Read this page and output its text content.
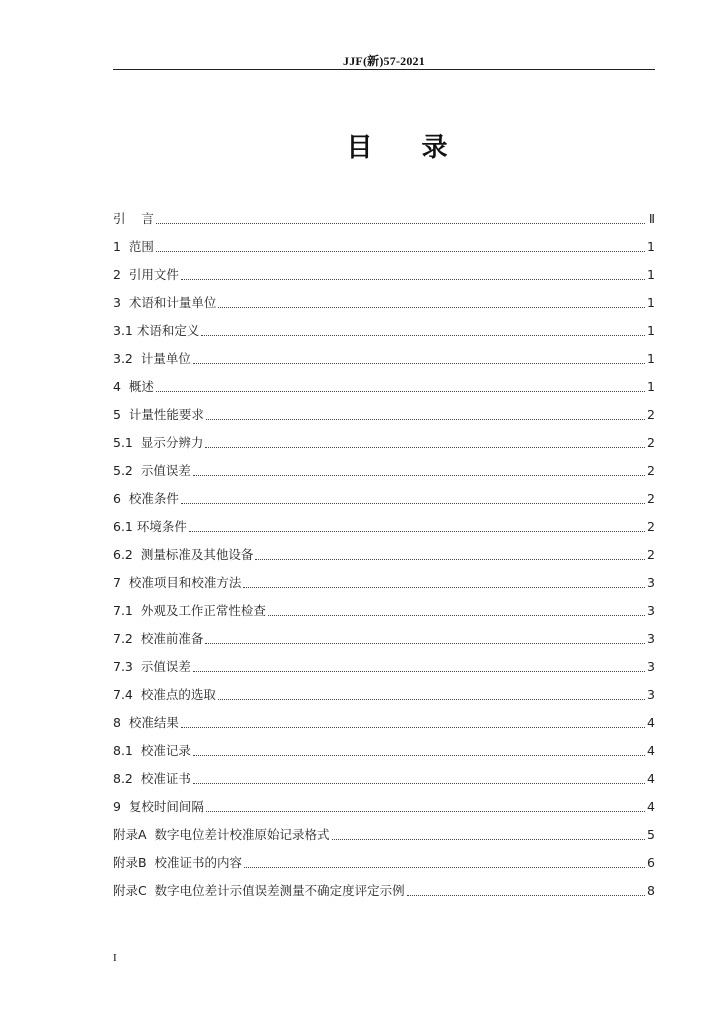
JJF(新)57-2021
目 录
引    言	Ⅱ
1  范围	1
2  引用文件	1
3  术语和计量单位	1
3.1 术语和定义	1
3.2  计量单位	1
4  概述	1
5  计量性能要求	2
5.1  显示分辨力	2
5.2  示值误差	2
6  校准条件	2
6.1 环境条件	2
6.2  测量标准及其他设备	2
7  校准项目和校准方法	3
7.1  外观及工作正常性检查	3
7.2  校准前准备	3
7.3  示值误差	3
7.4  校准点的选取	3
8  校准结果	4
8.1  校准记录	4
8.2  校准证书	4
9  复校时间间隔	4
附录A  数字电位差计校准原始记录格式	5
附录B  校准证书的内容	6
附录C  数字电位差计示值误差测量不确定度评定示例	8
I
